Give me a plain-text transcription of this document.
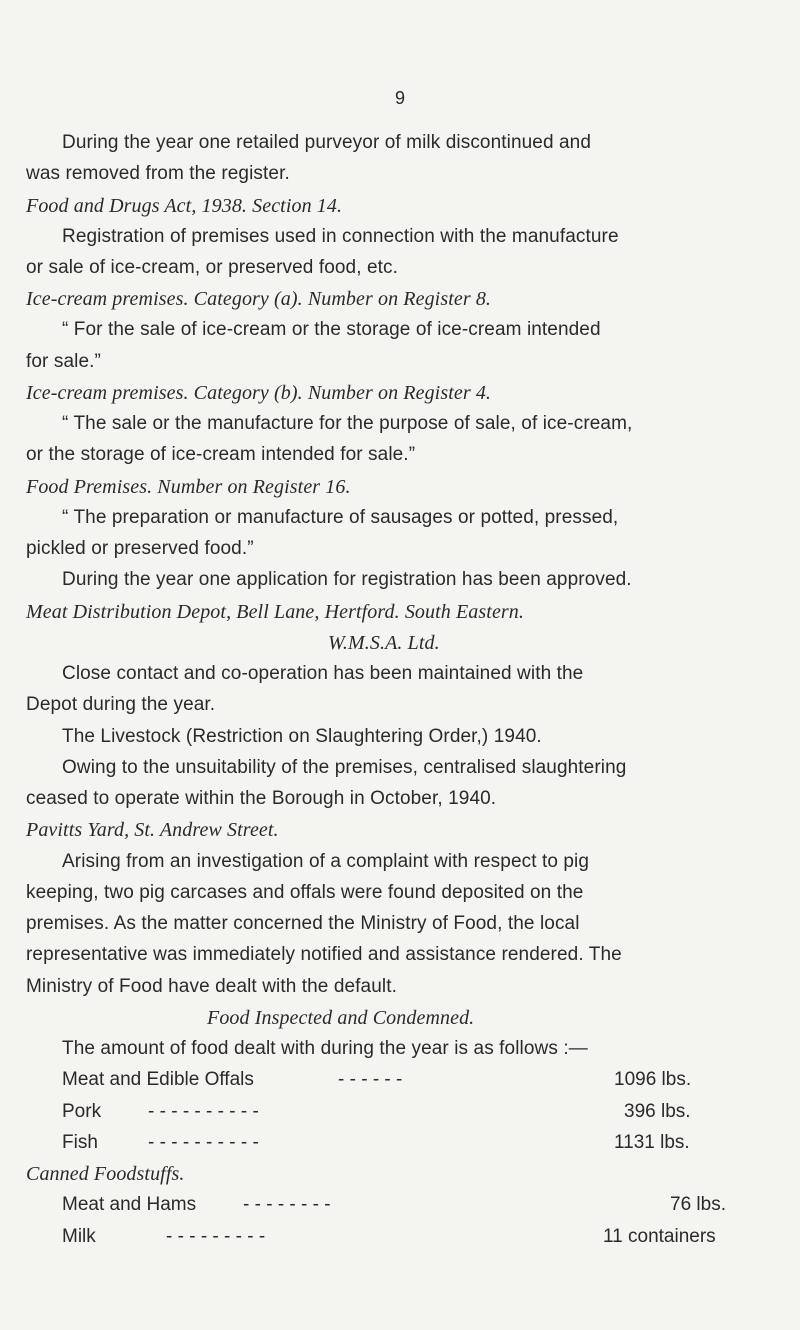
9
During the year one retailed purveyor of milk discontinued and
was removed from the register.
Food and Drugs Act, 1938. Section 14.
Registration of premises used in connection with the manufacture
or sale of ice-cream, or preserved food, etc.
Ice-cream premises. Category (a). Number on Register 8.
“ For the sale of ice-cream or the storage of ice-cream intended
for sale.”
Ice-cream premises. Category (b). Number on Register 4.
“ The sale or the manufacture for the purpose of sale, of ice-cream,
or the storage of ice-cream intended for sale.”
Food Premises. Number on Register 16.
“ The preparation or manufacture of sausages or potted, pressed,
pickled or preserved food.”
During the year one application for registration has been approved.
Meat Distribution Depot, Bell Lane, Hertford. South Eastern.
W.M.S.A. Ltd.
Close contact and co-operation has been maintained with the
Depot during the year.
The Livestock (Restriction on Slaughtering Order,) 1940.
Owing to the unsuitability of the premises, centralised slaughtering
ceased to operate within the Borough in October, 1940.
Pavitts Yard, St. Andrew Street.
Arising from an investigation of a complaint with respect to pig
keeping, two pig carcases and offals were found deposited on the
premises. As the matter concerned the Ministry of Food, the local
representative was immediately notified and assistance rendered. The
Ministry of Food have dealt with the default.
Food Inspected and Condemned.
The amount of food dealt with during the year is as follows :—
Meat and Edible Offals	- - - - - -	1096 lbs.
Pork - - - - - - - - - -	396 lbs.
Fish	- - - - - - - - - -	1131 lbs.
Canned Foodstuffs.
Meat and Hams - - - - - - - -	76 lbs.
Milk	- - - - - - - - -	11 containers
